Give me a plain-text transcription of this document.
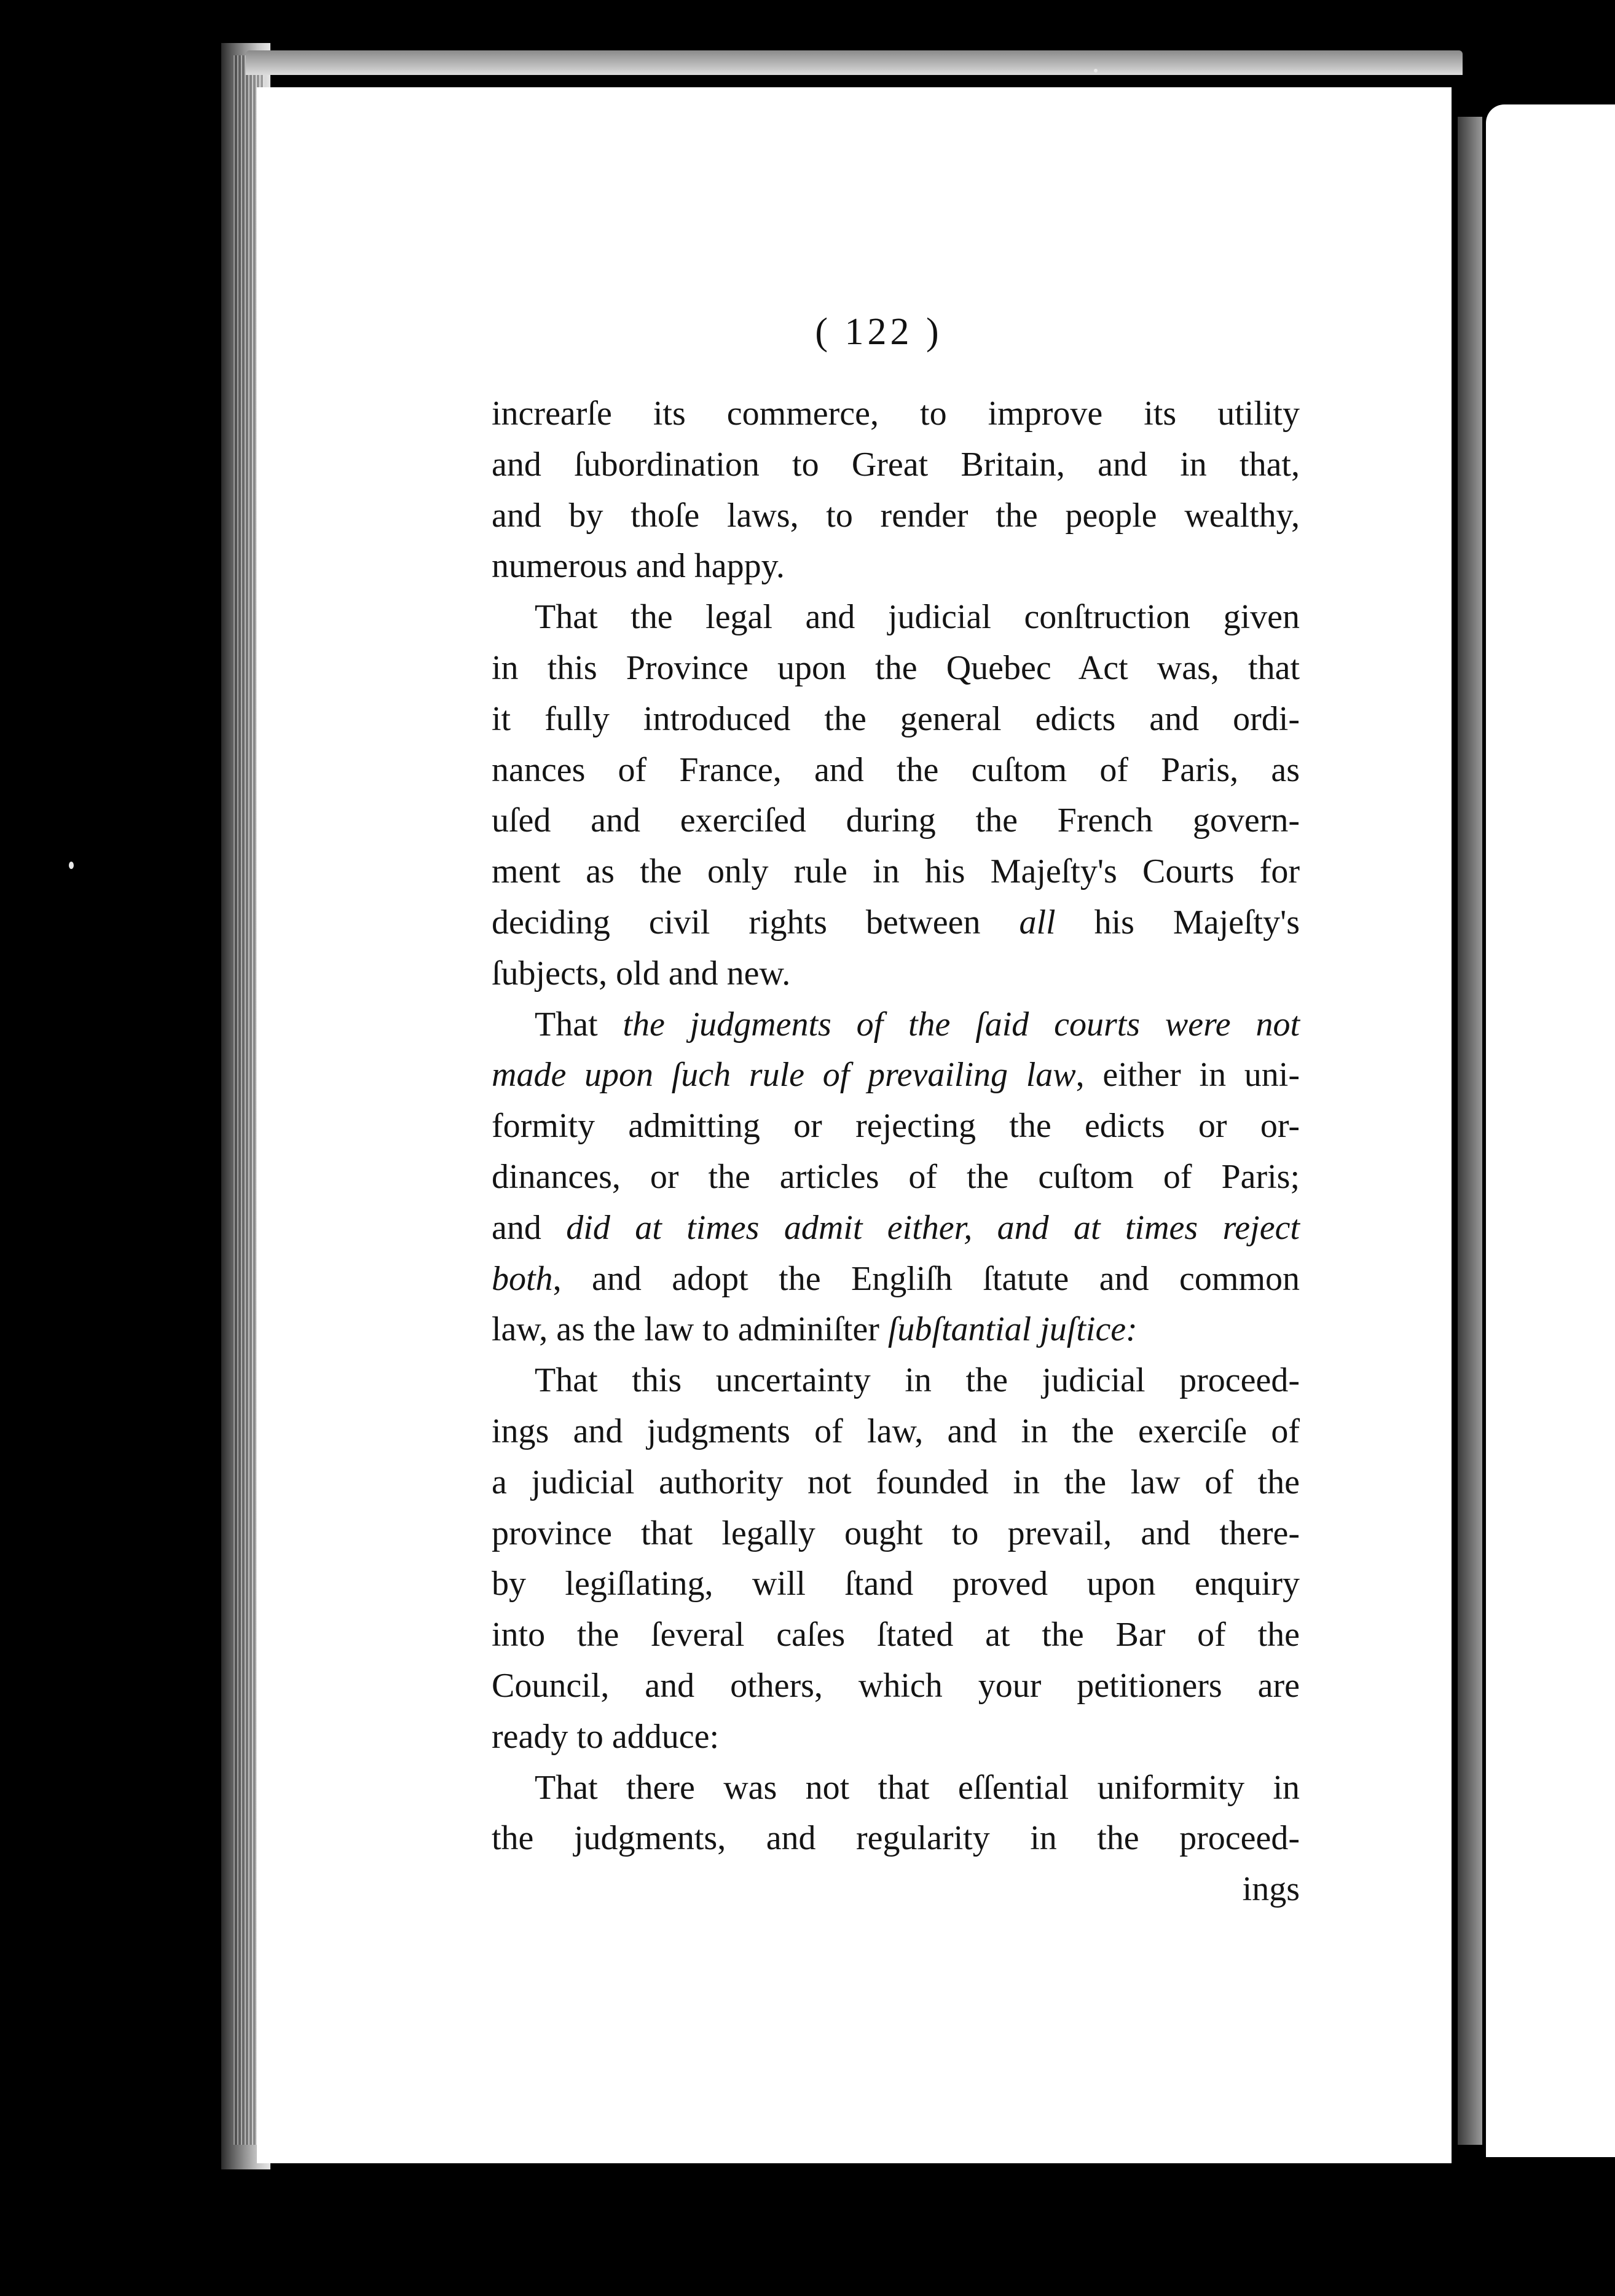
( 122 )
increarſe its commerce, to improve its utility
and ſubordination to Great Britain, and in that,
and by thoſe laws, to render the people wealthy,
numerous and happy.
That the legal and judicial conſtruction given
in this Province upon the Quebec Act was, that
it fully introduced the general edicts and ordi-
nances of France, and the cuſtom of Paris, as
uſed and exerciſed during the French govern-
ment as the only rule in his Majeſty's Courts for
deciding civil rights between all his Majeſty's
ſubjects, old and new.
That the judgments of the ſaid courts were not
made upon ſuch rule of prevailing law, either in uni-
formity admitting or rejecting the edicts or or-
dinances, or the articles of the cuſtom of Paris;
and did at times admit either, and at times reject
both, and adopt the Engliſh ſtatute and common
law, as the law to adminiſter ſubſtantial juſtice:
That this uncertainty in the judicial proceed-
ings and judgments of law, and in the exerciſe of
a judicial authority not founded in the law of the
province that legally ought to prevail, and there-
by legiſlating, will ſtand proved upon enquiry
into the ſeveral caſes ſtated at the Bar of the
Council, and others, which your petitioners are
ready to adduce:
That there was not that eſſential uniformity in
the judgments, and regularity in the proceed-
ings
